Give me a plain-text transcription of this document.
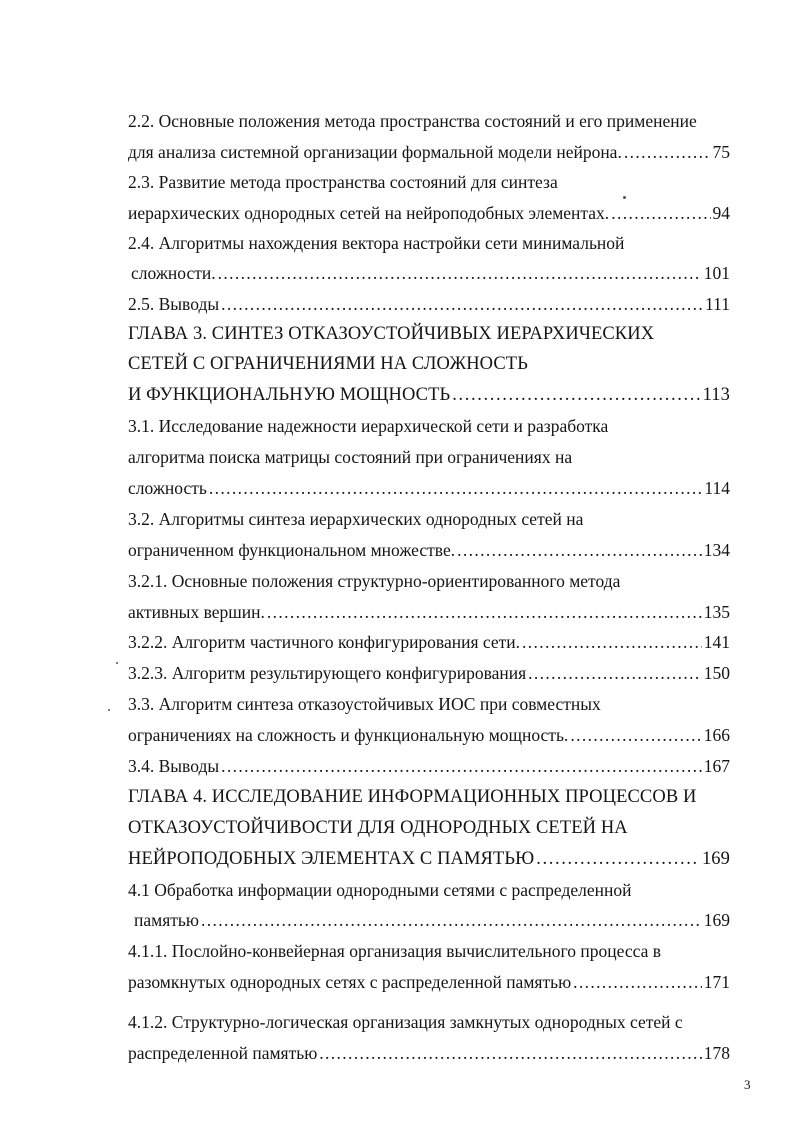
2.2. Основные положения метода пространства состояний и его применение
для анализа системной организации формальной модели нейрона. . . .	75
2.3. Развитие метода пространства состояний для синтеза
иерархических однородных сетей на нейроподобных элементах. . . .	94
2.4. Алгоритмы нахождения вектора настройки сети минимальной
сложности. . . .	101
2.5. Выводы . . .	111
ГЛАВА 3. СИНТЕЗ ОТКАЗОУСТОЙЧИВЫХ ИЕРАРХИЧЕСКИХ
СЕТЕЙ С ОГРАНИЧЕНИЯМИ НА СЛОЖНОСТЬ
И ФУНКЦИОНАЛЬНУЮ МОЩНОСТЬ . . .	113
3.1. Исследование надежности иерархической сети и разработка
алгоритма поиска матрицы состояний при ограничениях на
сложность . . .	114
3.2. Алгоритмы синтеза иерархических однородных сетей на
ограниченном функциональном множестве. . . .	134
3.2.1. Основные положения структурно-ориентированного метода
активных вершин. . . .	135
3.2.2. Алгоритм частичного конфигурирования сети. . . .	141
3.2.3. Алгоритм результирующего конфигурирования . . .	150
3.3. Алгоритм синтеза отказоустойчивых ИОС при совместных
ограничениях на сложность и функциональную мощность. . . .	166
3.4. Выводы . . .	167
ГЛАВА 4. ИССЛЕДОВАНИЕ ИНФОРМАЦИОННЫХ ПРОЦЕССОВ И
ОТКАЗОУСТОЙЧИВОСТИ ДЛЯ ОДНОРОДНЫХ СЕТЕЙ НА
НЕЙРОПОДОБНЫХ ЭЛЕМЕНТАХ С ПАМЯТЬЮ . . .	169
4.1 Обработка информации однородными сетями с распределенной
памятью . . .	169
4.1.1. Послойно-конвейерная организация вычислительного процесса в
разомкнутых однородных сетях с распределенной памятью . . .	171
4.1.2. Структурно-логическая организация замкнутых однородных сетей с
распределенной памятью . . .	178
3
